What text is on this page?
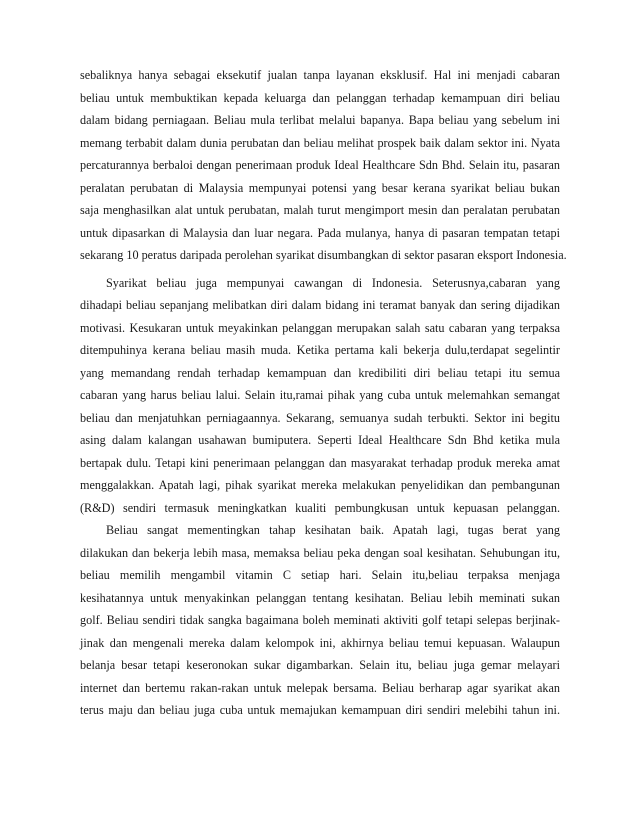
sebaliknya hanya sebagai eksekutif jualan tanpa layanan eksklusif. Hal ini menjadi cabaran
beliau untuk membuktikan kepada keluarga dan pelanggan terhadap kemampuan diri beliau
dalam bidang perniagaan. Beliau mula terlibat melalui bapanya. Bapa beliau yang sebelum ini
memang terbabit dalam dunia perubatan dan beliau melihat prospek baik dalam sektor ini. Nyata
percaturannya berbaloi dengan penerimaan produk Ideal Healthcare Sdn Bhd. Selain itu, pasaran
peralatan perubatan di Malaysia mempunyai potensi yang besar kerana syarikat beliau bukan
saja menghasilkan alat untuk perubatan, malah turut mengimport mesin dan peralatan perubatan
untuk dipasarkan di Malaysia dan luar negara. Pada mulanya, hanya di pasaran tempatan tetapi
sekarang 10 peratus daripada perolehan syarikat disumbangkan di sektor pasaran eksport Indonesia.
Syarikat beliau juga mempunyai cawangan di Indonesia. Seterusnya,cabaran yang
dihadapi beliau sepanjang melibatkan diri dalam bidang ini teramat banyak dan sering dijadikan
motivasi. Kesukaran untuk meyakinkan pelanggan merupakan salah satu cabaran yang terpaksa
ditempuhinya kerana beliau masih muda. Ketika pertama kali bekerja dulu,terdapat segelintir
yang memandang rendah terhadap kemampuan dan kredibiliti diri beliau tetapi itu semua
cabaran yang harus beliau lalui. Selain itu,ramai pihak yang cuba untuk melemahkan semangat
beliau dan menjatuhkan perniagaannya. Sekarang, semuanya sudah terbukti. Sektor ini begitu
asing dalam kalangan usahawan bumiputera. Seperti Ideal Healthcare Sdn Bhd ketika mula
bertapak dulu. Tetapi kini penerimaan pelanggan dan masyarakat terhadap produk mereka amat
menggalakkan. Apatah lagi, pihak syarikat mereka melakukan penyelidikan dan pembangunan
(R&D) sendiri termasuk meningkatkan kualiti pembungkusan untuk kepuasan pelanggan.
Beliau sangat mementingkan tahap kesihatan baik. Apatah lagi, tugas berat yang
dilakukan dan bekerja lebih masa, memaksa beliau peka dengan soal kesihatan. Sehubungan itu,
beliau memilih mengambil vitamin C setiap hari. Selain itu,beliau terpaksa menjaga
kesihatannya untuk menyakinkan pelanggan tentang kesihatan. Beliau lebih meminati sukan
golf. Beliau sendiri tidak sangka bagaimana boleh meminati aktiviti golf tetapi selepas berjinak-
jinak dan mengenali mereka dalam kelompok ini, akhirnya beliau temui kepuasan. Walaupun
belanja besar tetapi keseronokan sukar digambarkan. Selain itu, beliau juga gemar melayari
internet dan bertemu rakan-rakan untuk melepak bersama. Beliau berharap agar syarikat akan
terus maju dan beliau juga cuba untuk memajukan kemampuan diri sendiri melebihi tahun ini.
